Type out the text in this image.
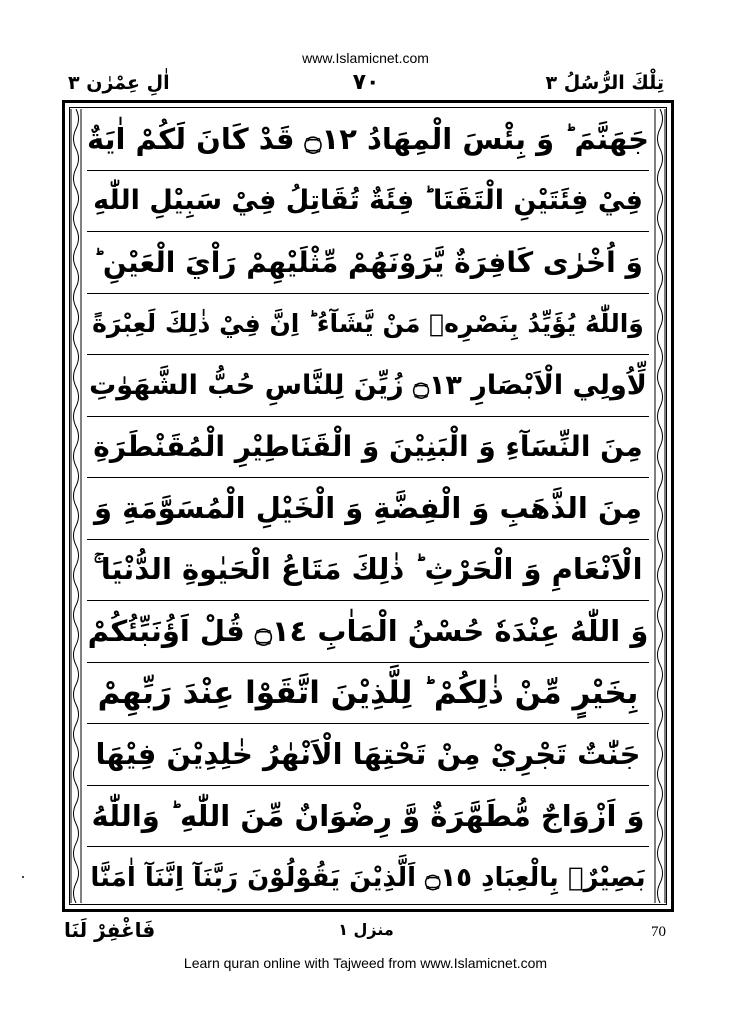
www.Islamicnet.com
اٰلِ عِمْرٰن ٣	٧٠	تِلْكَ الرُّسُلُ ٣
جَهَنَّمَ ؕ وَ بِئْسَ الْمِهَادُ ۝١٢ قَدْ كَانَ لَكُمْ اٰيَةٌ
فِيْ فِئَتَيْنِ الْتَقَتَا ؕ فِئَةٌ تُقَاتِلُ فِيْ سَبِيْلِ اللّٰهِ
وَ اُخْرٰى كَافِرَةٌ يَّرَوْنَهُمْ مِّثْلَيْهِمْ رَاْيَ الْعَيْنِ ؕ
وَاللّٰهُ يُؤَيِّدُ بِنَصْرِهٖ مَنْ يَّشَآءُ ؕ اِنَّ فِيْ ذٰلِكَ لَعِبْرَةً
لِّاُولِي الْاَبْصَارِ ۝١٣ زُيِّنَ لِلنَّاسِ حُبُّ الشَّهَوٰتِ
مِنَ النِّسَآءِ وَ الْبَنِيْنَ وَ الْقَنَاطِيْرِ الْمُقَنْطَرَةِ
مِنَ الذَّهَبِ وَ الْفِضَّةِ وَ الْخَيْلِ الْمُسَوَّمَةِ وَ
الْاَنْعَامِ وَ الْحَرْثِ ؕ ذٰلِكَ مَتَاعُ الْحَيٰوةِ الدُّنْيَا ۚ
وَ اللّٰهُ عِنْدَهٗ حُسْنُ الْمَاٰبِ ۝١٤ قُلْ اَؤُنَبِّئُكُمْ
بِخَيْرٍ مِّنْ ذٰلِكُمْ ؕ لِلَّذِيْنَ اتَّقَوْا عِنْدَ رَبِّهِمْ
جَنّٰتٌ تَجْرِيْ مِنْ تَحْتِهَا الْاَنْهٰرُ خٰلِدِيْنَ فِيْهَا
وَ اَزْوَاجٌ مُّطَهَّرَةٌ وَّ رِضْوَانٌ مِّنَ اللّٰهِ ؕ وَاللّٰهُ
بَصِيْرٌۢ بِالْعِبَادِ ۝١٥ اَلَّذِيْنَ يَقُوْلُوْنَ رَبَّنَآ اِنَّنَآ اٰمَنَّا
فَاغْفِرْ لَنَا	منزل ١	70
Learn quran online with Tajweed from www.Islamicnet.com
